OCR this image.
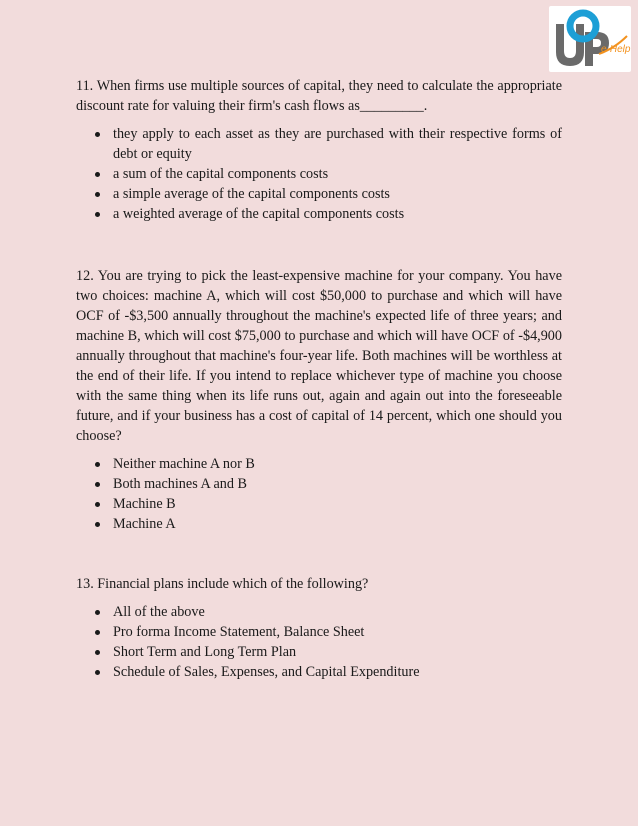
e-Help

11. When firms use multiple sources of capital, they need to calculate the appropriate discount rate for valuing their firm's cash flows as_________.

they apply to each asset as they are purchased with their respective forms of debt or equity
a sum of the capital components costs
a simple average of the capital components costs
a weighted average of the capital components costs

12. You are trying to pick the least-expensive machine for your company. You have two choices: machine A, which will cost $50,000 to purchase and which will have OCF of -$3,500 annually throughout the machine's expected life of three years; and machine B, which will cost $75,000 to purchase and which will have OCF of -$4,900 annually throughout that machine's four-year life. Both machines will be worthless at the end of their life. If you intend to replace whichever type of machine you choose with the same thing when its life runs out, again and again out into the foreseeable future, and if your business has a cost of capital of 14 percent, which one should you choose?

Neither machine A nor B
Both machines A and B
Machine B
Machine A

13. Financial plans include which of the following?

All of the above
Pro forma Income Statement, Balance Sheet
Short Term and Long Term Plan
Schedule of Sales, Expenses, and Capital Expenditure
